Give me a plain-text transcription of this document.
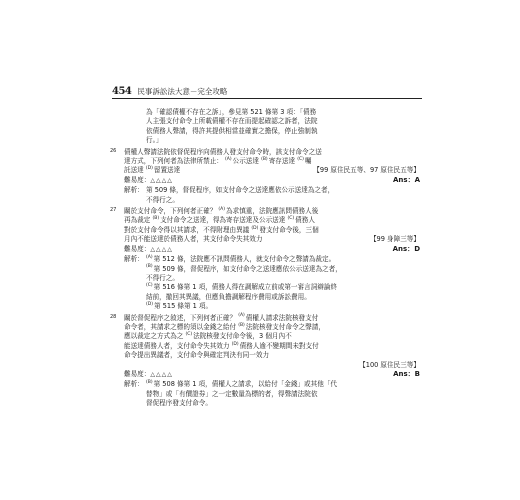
454 民事訴訟法大意－完全攻略
為「確認債權不存在之訴」，參見第 521 條第 3 項：「債務
人主張支付命令上所載債權不存在而提起確認之訴者，法院
依債務人聲請，得許其提供相當並確實之擔保，停止強制執
行。」
26 債權人聲請法院依督促程序向債務人發支付命令時，該支付命令之送
達方式，下列何者為法律所禁止： $^{(A)}$公示送達 $^{(B)}$寄存送達 $^{(C)}$囑
託送達 $^{(D)}$留置送達	【99 原住民五等、97 原住民五等】
難易度：△△△△	Ans：A
解析： 第 509 條，督促程序，如支付命令之送達應依公示送達為之者，
不得行之。
27 關於支付命令，下列何者正確？ $^{(A)}$為求慎重，法院應訊問債務人後
再為裁定 $^{(B)}$支付命令之送達，得為寄存送達及公示送達 $^{(C)}$債務人
對於支付命令得以其請求，不得附理由異議 $^{(D)}$發支付命令後，三個
月內不能送達於債務人者，其支付命令失其效力	【99 身障三等】
難易度：△△△△	Ans：D
解析： $^{(A)}$第 512 條，法院應不訊問債務人，就支付命令之聲請為裁定。
$^{(B)}$第 509 條，督促程序，如支付命令之送達應依公示送達為之者，
不得行之。
$^{(C)}$第 516 條第 1 項，債務人得在調解成立前或第一審言詞辯論終
結前，撤回其異議，但應負擔調解程序費用或訴訟費用。
$^{(D)}$第 515 條第 1 項。
28 關於督促程序之敘述，下列何者正確？ $^{(A)}$債權人請求法院核發支付
命令者，其請求之標的須以金錢之給付 $^{(B)}$法院核發支付命令之聲請，
應以裁定之方式為之 $^{(C)}$法院核發支付命令後，3 個月內不
能送達債務人者，支付命令失其效力 $^{(D)}$債務人逾不變期間未對支付
命令提出異議者，支付命令與確定判決有同一效力
【100 原住民三等】

難易度：△△△△	Ans：B
解析： $^{(B)}$第 508 條第 1 項，債權人之請求，以給付「金錢」或其他「代
替物」或「有價證券」之一定數量為標的者，得聲請法院依
督促程序發支付命令。
